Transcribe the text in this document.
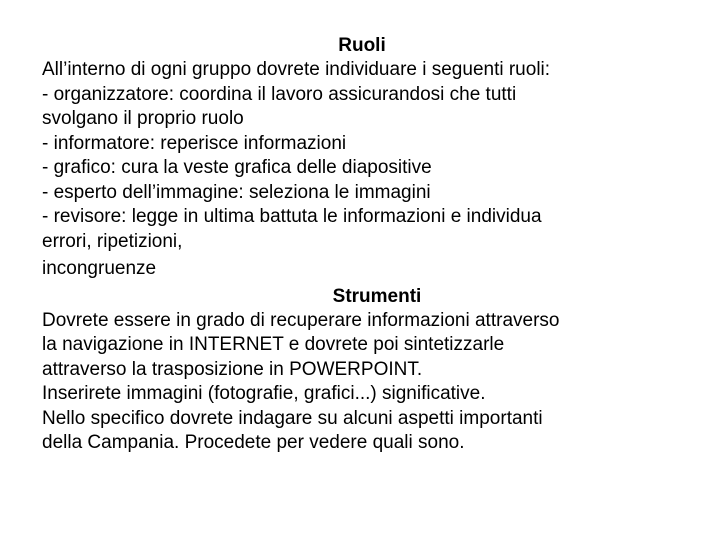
Ruoli

All’interno di ogni gruppo dovrete individuare i seguenti ruoli:

- organizzatore: coordina il lavoro assicurandosi che tutti

svolgano il proprio ruolo

- informatore: reperisce informazioni

- grafico: cura la veste grafica delle diapositive

- esperto dell’immagine: seleziona le immagini

- revisore: legge in ultima battuta le informazioni e individua

errori, ripetizioni,

incongruenze

Strumenti

Dovrete essere in grado di recuperare informazioni attraverso

la navigazione in INTERNET e dovrete poi sintetizzarle

attraverso la trasposizione in POWERPOINT.

Inserirete immagini (fotografie, grafici...) significative.

Nello specifico dovrete indagare su alcuni aspetti importanti

della Campania. Procedete per vedere quali sono.
